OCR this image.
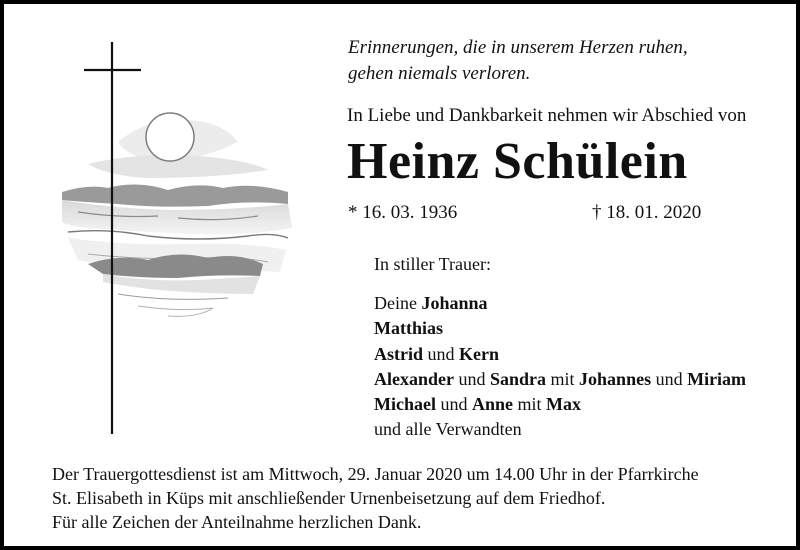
Erinnerungen, die in unserem Herzen ruhen,
gehen niemals verloren.
In Liebe und Dankbarkeit nehmen wir Abschied von
Heinz Schülein
* 16. 03. 1936	† 18. 01. 2020
In stiller Trauer:
Deine Johanna
Matthias
Astrid und Kern
Alexander und Sandra mit Johannes und Miriam
Michael und Anne mit Max
und alle Verwandten
Der Trauergottesdienst ist am Mittwoch, 29. Januar 2020 um 14.00 Uhr in der Pfarrkirche
St. Elisabeth in Küps mit anschließender Urnenbeisetzung auf dem Friedhof.
Für alle Zeichen der Anteilnahme herzlichen Dank.
